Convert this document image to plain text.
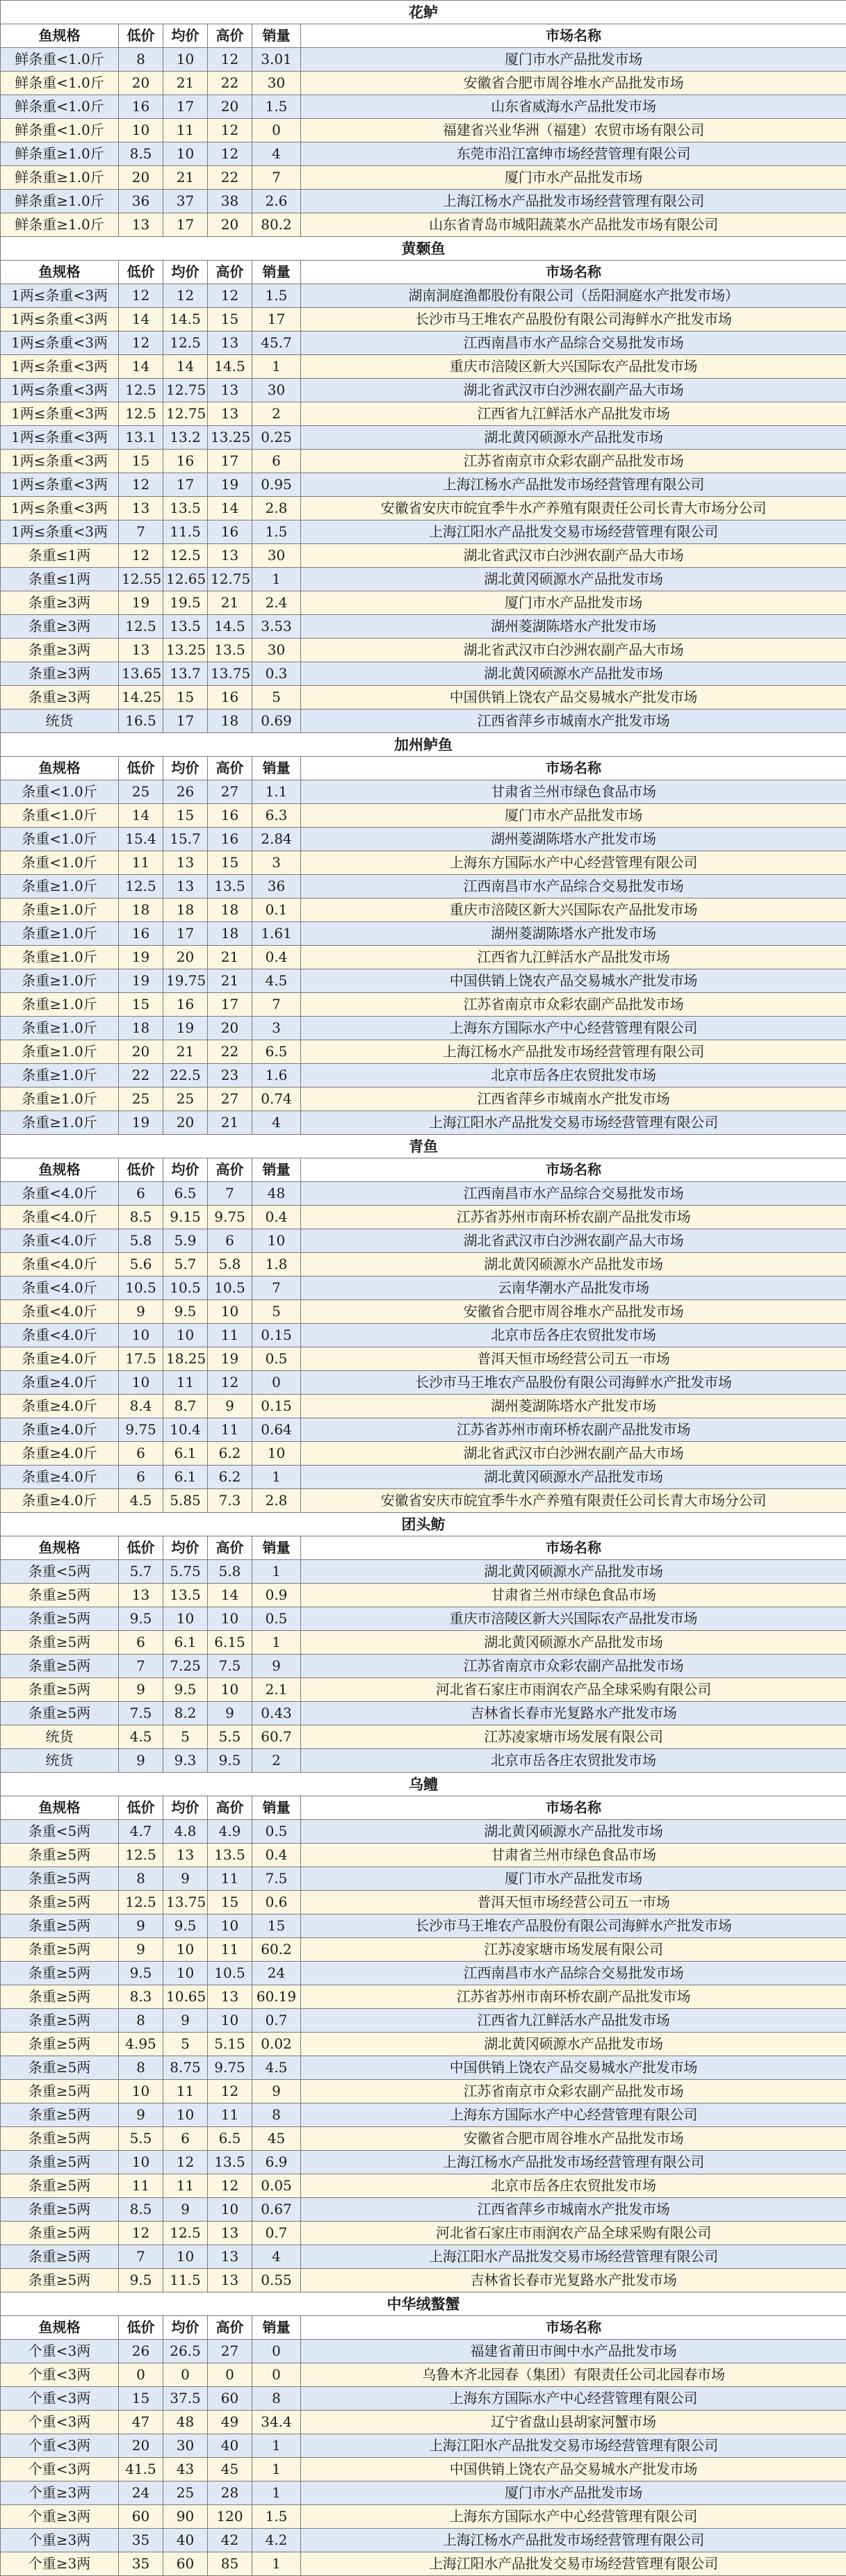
花鲈					
鱼规格	低价	均价	高价	销量	市场名称
鲜条重<1.0斤	8	10	12	3.01	厦门市水产品批发市场
鲜条重<1.0斤	20	21	22	30	安徽省合肥市周谷堆水产品批发市场
鲜条重<1.0斤	16	17	20	1.5	山东省威海水产品批发市场
鲜条重<1.0斤	10	11	12	0	福建省兴业华洲（福建）农贸市场有限公司
鲜条重≥1.0斤	8.5	10	12	4	东莞市沿江富绅市场经营管理有限公司
鲜条重≥1.0斤	20	21	22	7	厦门市水产品批发市场
鲜条重≥1.0斤	36	37	38	2.6	上海江杨水产品批发市场经营管理有限公司
鲜条重≥1.0斤	13	17	20	80.2	山东省青岛市城阳蔬菜水产品批发市场有限公司
黄颡鱼					
鱼规格	低价	均价	高价	销量	市场名称
1两≤条重<3两	12	12	12	1.5	湖南洞庭渔都股份有限公司（岳阳洞庭水产批发市场）
1两≤条重<3两	14	14.5	15	17	长沙市马王堆农产品股份有限公司海鲜水产批发市场
1两≤条重<3两	12	12.5	13	45.7	江西南昌市水产品综合交易批发市场
1两≤条重<3两	14	14	14.5	1	重庆市涪陵区新大兴国际农产品批发市场
1两≤条重<3两	12.5	12.75	13	30	湖北省武汉市白沙洲农副产品大市场
1两≤条重<3两	12.5	12.75	13	2	江西省九江鲜活水产品批发市场
1两≤条重<3两	13.1	13.2	13.25	0.25	湖北黄冈硕源水产品批发市场
1两≤条重<3两	15	16	17	6	江苏省南京市众彩农副产品批发市场
1两≤条重<3两	12	17	19	0.95	上海江杨水产品批发市场经营管理有限公司
1两≤条重<3两	13	13.5	14	2.8	安徽省安庆市皖宜季牛水产养殖有限责任公司长青大市场分公司
1两≤条重<3两	7	11.5	16	1.5	上海江阳水产品批发交易市场经营管理有限公司
条重≤1两	12	12.5	13	30	湖北省武汉市白沙洲农副产品大市场
条重≤1两	12.55	12.65	12.75	1	湖北黄冈硕源水产品批发市场
条重≥3两	19	19.5	21	2.4	厦门市水产品批发市场
条重≥3两	12.5	13.5	14.5	3.53	湖州菱湖陈塔水产批发市场
条重≥3两	13	13.25	13.5	30	湖北省武汉市白沙洲农副产品大市场
条重≥3两	13.65	13.7	13.75	0.3	湖北黄冈硕源水产品批发市场
条重≥3两	14.25	15	16	5	中国供销上饶农产品交易城水产批发市场
统货	16.5	17	18	0.69	江西省萍乡市城南水产批发市场
加州鲈鱼					
鱼规格	低价	均价	高价	销量	市场名称
条重<1.0斤	25	26	27	1.1	甘肃省兰州市绿色食品市场
条重<1.0斤	14	15	16	6.3	厦门市水产品批发市场
条重<1.0斤	15.4	15.7	16	2.84	湖州菱湖陈塔水产批发市场
条重<1.0斤	11	13	15	3	上海东方国际水产中心经营管理有限公司
条重≥1.0斤	12.5	13	13.5	36	江西南昌市水产品综合交易批发市场
条重≥1.0斤	18	18	18	0.1	重庆市涪陵区新大兴国际农产品批发市场
条重≥1.0斤	16	17	18	1.61	湖州菱湖陈塔水产批发市场
条重≥1.0斤	19	20	21	0.4	江西省九江鲜活水产品批发市场
条重≥1.0斤	19	19.75	21	4.5	中国供销上饶农产品交易城水产批发市场
条重≥1.0斤	15	16	17	7	江苏省南京市众彩农副产品批发市场
条重≥1.0斤	18	19	20	3	上海东方国际水产中心经营管理有限公司
条重≥1.0斤	20	21	22	6.5	上海江杨水产品批发市场经营管理有限公司
条重≥1.0斤	22	22.5	23	1.6	北京市岳各庄农贸批发市场
条重≥1.0斤	25	25	27	0.74	江西省萍乡市城南水产批发市场
条重≥1.0斤	19	20	21	4	上海江阳水产品批发交易市场经营管理有限公司
青鱼					
鱼规格	低价	均价	高价	销量	市场名称
条重<4.0斤	6	6.5	7	48	江西南昌市水产品综合交易批发市场
条重<4.0斤	8.5	9.15	9.75	0.4	江苏省苏州市南环桥农副产品批发市场
条重<4.0斤	5.8	5.9	6	10	湖北省武汉市白沙洲农副产品大市场
条重<4.0斤	5.6	5.7	5.8	1.8	湖北黄冈硕源水产品批发市场
条重<4.0斤	10.5	10.5	10.5	7	云南华潮水产品批发市场
条重<4.0斤	9	9.5	10	5	安徽省合肥市周谷堆水产品批发市场
条重<4.0斤	10	10	11	0.15	北京市岳各庄农贸批发市场
条重≥4.0斤	17.5	18.25	19	0.5	普洱天恒市场经营公司五一市场
条重≥4.0斤	10	11	12	0	长沙市马王堆农产品股份有限公司海鲜水产批发市场
条重≥4.0斤	8.4	8.7	9	0.15	湖州菱湖陈塔水产批发市场
条重≥4.0斤	9.75	10.4	11	0.64	江苏省苏州市南环桥农副产品批发市场
条重≥4.0斤	6	6.1	6.2	10	湖北省武汉市白沙洲农副产品大市场
条重≥4.0斤	6	6.1	6.2	1	湖北黄冈硕源水产品批发市场
条重≥4.0斤	4.5	5.85	7.3	2.8	安徽省安庆市皖宜季牛水产养殖有限责任公司长青大市场分公司
团头鲂					
鱼规格	低价	均价	高价	销量	市场名称
条重<5两	5.7	5.75	5.8	1	湖北黄冈硕源水产品批发市场
条重≥5两	13	13.5	14	0.9	甘肃省兰州市绿色食品市场
条重≥5两	9.5	10	10	0.5	重庆市涪陵区新大兴国际农产品批发市场
条重≥5两	6	6.1	6.15	1	湖北黄冈硕源水产品批发市场
条重≥5两	7	7.25	7.5	9	江苏省南京市众彩农副产品批发市场
条重≥5两	9	9.5	10	2.1	河北省石家庄市雨润农产品全球采购有限公司
条重≥5两	7.5	8.2	9	0.43	吉林省长春市光复路水产批发市场
统货	4.5	5	5.5	60.7	江苏凌家塘市场发展有限公司
统货	9	9.3	9.5	2	北京市岳各庄农贸批发市场
乌鳢					
鱼规格	低价	均价	高价	销量	市场名称
条重<5两	4.7	4.8	4.9	0.5	湖北黄冈硕源水产品批发市场
条重≥5两	12.5	13	13.5	0.4	甘肃省兰州市绿色食品市场
条重≥5两	8	9	11	7.5	厦门市水产品批发市场
条重≥5两	12.5	13.75	15	0.6	普洱天恒市场经营公司五一市场
条重≥5两	9	9.5	10	15	长沙市马王堆农产品股份有限公司海鲜水产批发市场
条重≥5两	9	10	11	60.2	江苏凌家塘市场发展有限公司
条重≥5两	9.5	10	10.5	24	江西南昌市水产品综合交易批发市场
条重≥5两	8.3	10.65	13	60.19	江苏省苏州市南环桥农副产品批发市场
条重≥5两	8	9	10	0.7	江西省九江鲜活水产品批发市场
条重≥5两	4.95	5	5.15	0.02	湖北黄冈硕源水产品批发市场
条重≥5两	8	8.75	9.75	4.5	中国供销上饶农产品交易城水产批发市场
条重≥5两	10	11	12	9	江苏省南京市众彩农副产品批发市场
条重≥5两	9	10	11	8	上海东方国际水产中心经营管理有限公司
条重≥5两	5.5	6	6.5	45	安徽省合肥市周谷堆水产品批发市场
条重≥5两	10	12	13.5	6.9	上海江杨水产品批发市场经营管理有限公司
条重≥5两	11	11	12	0.05	北京市岳各庄农贸批发市场
条重≥5两	8.5	9	10	0.67	江西省萍乡市城南水产批发市场
条重≥5两	12	12.5	13	0.7	河北省石家庄市雨润农产品全球采购有限公司
条重≥5两	7	10	13	4	上海江阳水产品批发交易市场经营管理有限公司
条重≥5两	9.5	11.5	13	0.55	吉林省长春市光复路水产批发市场
中华绒螯蟹					
鱼规格	低价	均价	高价	销量	市场名称
个重<3两	26	26.5	27	0	福建省莆田市闽中水产品批发市场
个重<3两	0	0	0	0	乌鲁木齐北园春（集团）有限责任公司北园春市场
个重<3两	15	37.5	60	8	上海东方国际水产中心经营管理有限公司
个重<3两	47	48	49	34.4	辽宁省盘山县胡家河蟹市场
个重<3两	20	30	40	1	上海江阳水产品批发交易市场经营管理有限公司
个重<3两	41.5	43	45	1	中国供销上饶农产品交易城水产批发市场
个重≥3两	24	25	28	1	厦门市水产品批发市场
个重≥3两	60	90	120	1.5	上海东方国际水产中心经营管理有限公司
个重≥3两	35	40	42	4.2	上海江杨水产品批发市场经营管理有限公司
个重≥3两	35	60	85	1	上海江阳水产品批发交易市场经营管理有限公司
